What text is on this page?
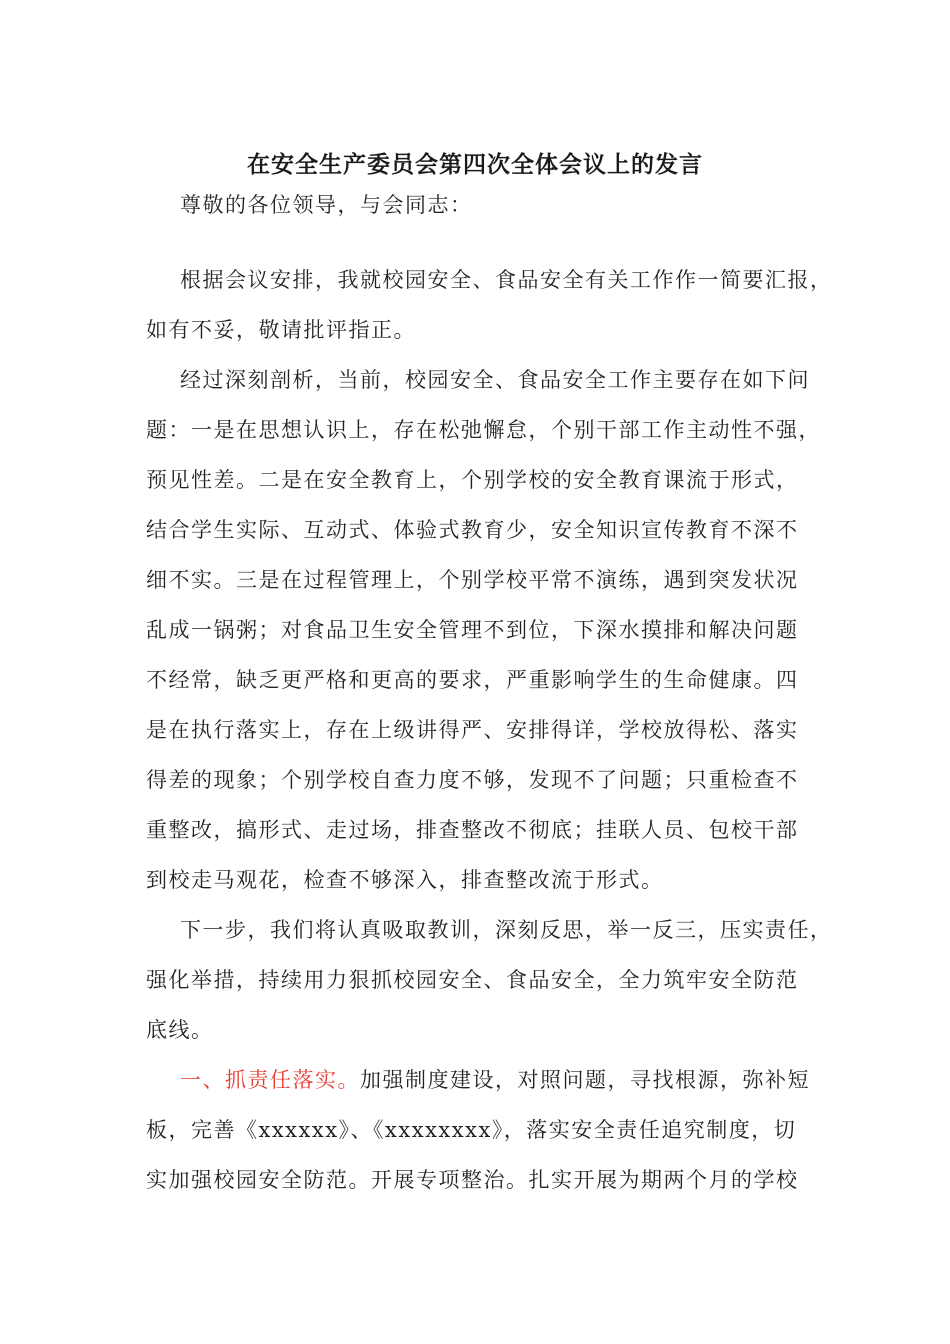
在安全生产委员会第四次全体会议上的发言
尊敬的各位领导，与会同志：
根据会议安排，我就校园安全、食品安全有关工作作一简要汇报，
如有不妥，敬请批评指正。
经过深刻剖析，当前，校园安全、食品安全工作主要存在如下问
题：一是在思想认识上，存在松弛懈怠，个别干部工作主动性不强，
预见性差。二是在安全教育上，个别学校的安全教育课流于形式，
结合学生实际、互动式、体验式教育少，安全知识宣传教育不深不
细不实。三是在过程管理上，个别学校平常不演练，遇到突发状况
乱成一锅粥；对食品卫生安全管理不到位，下深水摸排和解决问题
不经常，缺乏更严格和更高的要求，严重影响学生的生命健康。四
是在执行落实上，存在上级讲得严、安排得详，学校放得松、落实
得差的现象；个别学校自查力度不够，发现不了问题；只重检查不
重整改，搞形式、走过场，排查整改不彻底；挂联人员、包校干部
到校走马观花，检查不够深入，排查整改流于形式。
下一步，我们将认真吸取教训，深刻反思，举一反三，压实责任，
强化举措，持续用力狠抓校园安全、食品安全，全力筑牢安全防范
底线。
一、抓责任落实。加强制度建设，对照问题，寻找根源，弥补短
板，完善《xxxxxx》、《xxxxxxxx》，落实安全责任追究制度，切
实加强校园安全防范。开展专项整治。扎实开展为期两个月的学校
